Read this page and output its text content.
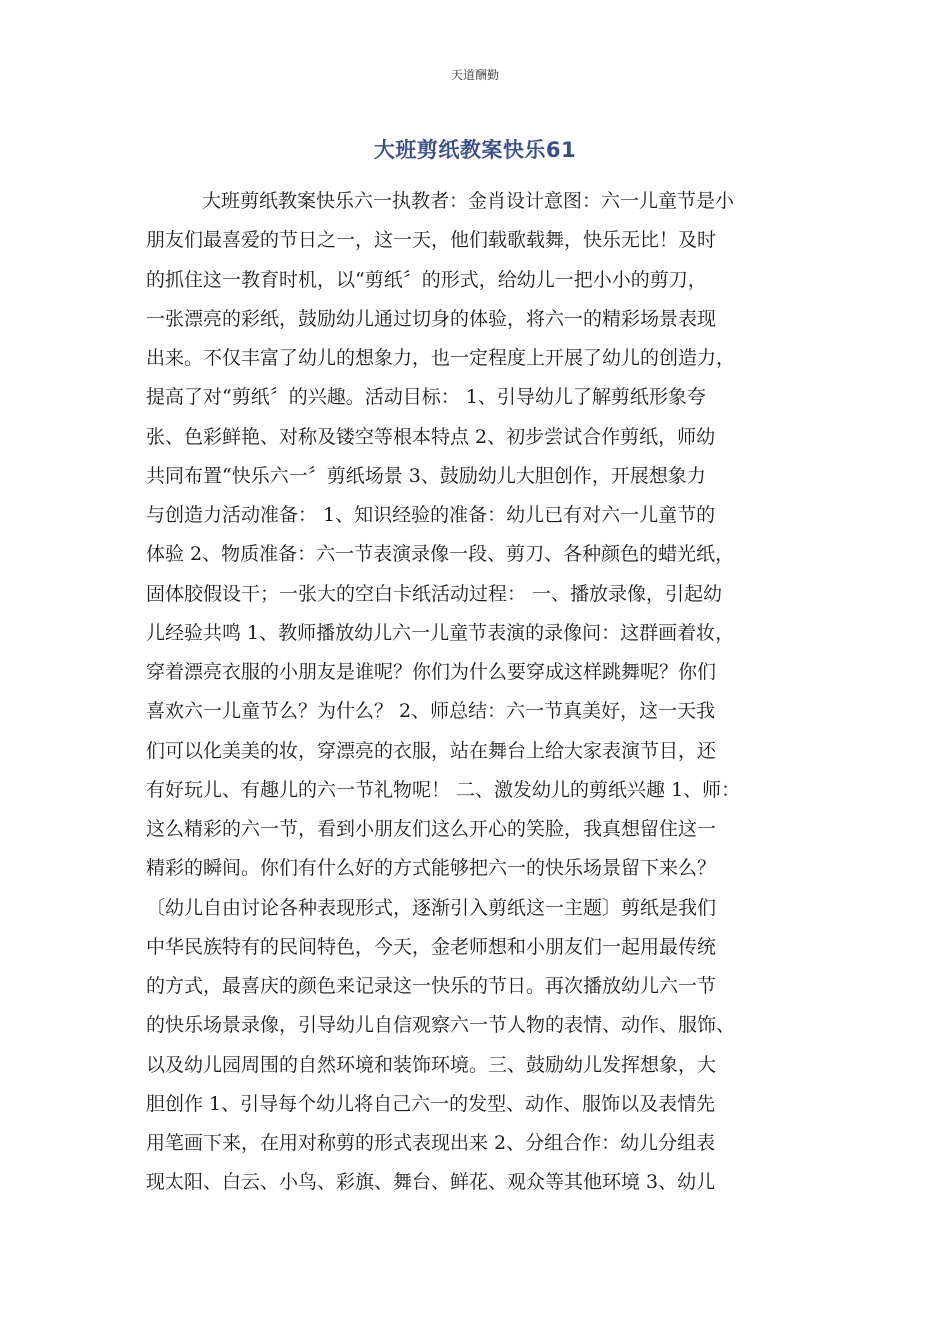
天道酬勤
大班剪纸教案快乐61
大班剪纸教案快乐六一执教者：金肖设计意图：六一儿童节是小
朋友们最喜爱的节日之一，这一天，他们载歌载舞，快乐无比！及时
的抓住这一教育时机，以“剪纸〞的形式，给幼儿一把小小的剪刀，
一张漂亮的彩纸，鼓励幼儿通过切身的体验，将六一的精彩场景表现
出来。不仅丰富了幼儿的想象力，也一定程度上开展了幼儿的创造力，
提高了对“剪纸〞的兴趣。活动目标： 1、引导幼儿了解剪纸形象夸
张、色彩鲜艳、对称及镂空等根本特点 2、初步尝试合作剪纸，师幼
共同布置“快乐六一〞剪纸场景 3、鼓励幼儿大胆创作，开展想象力
与创造力活动准备： 1、知识经验的准备：幼儿已有对六一儿童节的
体验 2、物质准备：六一节表演录像一段、剪刀、各种颜色的蜡光纸，
固体胶假设干；一张大的空白卡纸活动过程： 一、播放录像，引起幼
儿经验共鸣 1、教师播放幼儿六一儿童节表演的录像问：这群画着妆，
穿着漂亮衣服的小朋友是谁呢？你们为什么要穿成这样跳舞呢？你们
喜欢六一儿童节么？为什么？ 2、师总结：六一节真美好，这一天我
们可以化美美的妆，穿漂亮的衣服，站在舞台上给大家表演节目，还
有好玩儿、有趣儿的六一节礼物呢！ 二、激发幼儿的剪纸兴趣 1、师：
这么精彩的六一节，看到小朋友们这么开心的笑脸，我真想留住这一
精彩的瞬间。你们有什么好的方式能够把六一的快乐场景留下来么？
〔幼儿自由讨论各种表现形式，逐渐引入剪纸这一主题〕剪纸是我们
中华民族特有的民间特色，今天，金老师想和小朋友们一起用最传统
的方式，最喜庆的颜色来记录这一快乐的节日。再次播放幼儿六一节
的快乐场景录像，引导幼儿自信观察六一节人物的表情、动作、服饰、
以及幼儿园周围的自然环境和装饰环境。三、鼓励幼儿发挥想象，大
胆创作 1、引导每个幼儿将自己六一的发型、动作、服饰以及表情先
用笔画下来，在用对称剪的形式表现出来 2、分组合作：幼儿分组表
现太阳、白云、小鸟、彩旗、舞台、鲜花、观众等其他环境 3、幼儿
